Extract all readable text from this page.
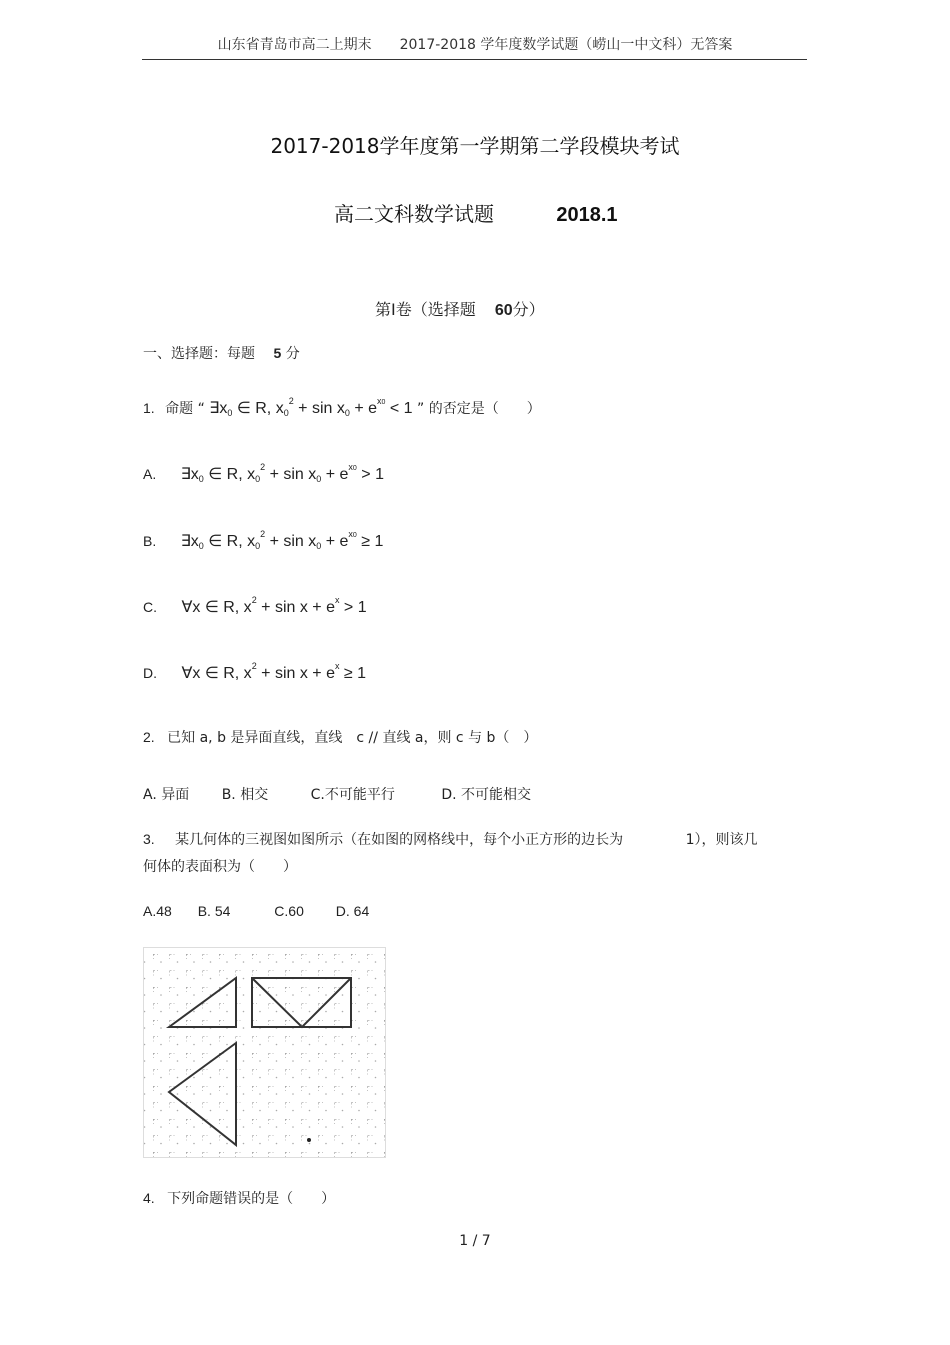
山东省青岛市高二上期末　　2017-2018 学年度数学试题（崂山一中文科）无答案
2017-2018学年度第一学期第二学段模块考试
高二文科数学试题	2018.1
第Ⅰ卷（选择题 60分）
一、选择题：每题 5 分
1. 命题 “ ∃x0 ∈ R, $x0^2 + \sin x0 + e^{x0} < 1$ ” 的否定是（　　）
A. ∃x0 ∈ R, $x0^2 + \sin x0 + e^{x0} > 1$
B. ∃x0 ∈ R, $x0^2 + \sin x0 + e^{x0} \ge 1$
C. ∀x ∈ R, $x^2 + \sin x + e^x > 1$
D. ∀x ∈ R, $x^2 + \sin x + e^x \ge 1$
2. 已知 a, b 是异面直线，直线　c // 直线 a，则 c 与 b（　）
A. 异面 B. 相交	C.不可能平行	D. 不可能相交
3. 某几何体的三视图如图所示（在如图的网格线中，每个小正方形的边长为	1），则该几
何体的表面积为（　　）
A.48 B. 54	C.60 D. 64
4. 下列命题错误的是（　　）
1 / 7
